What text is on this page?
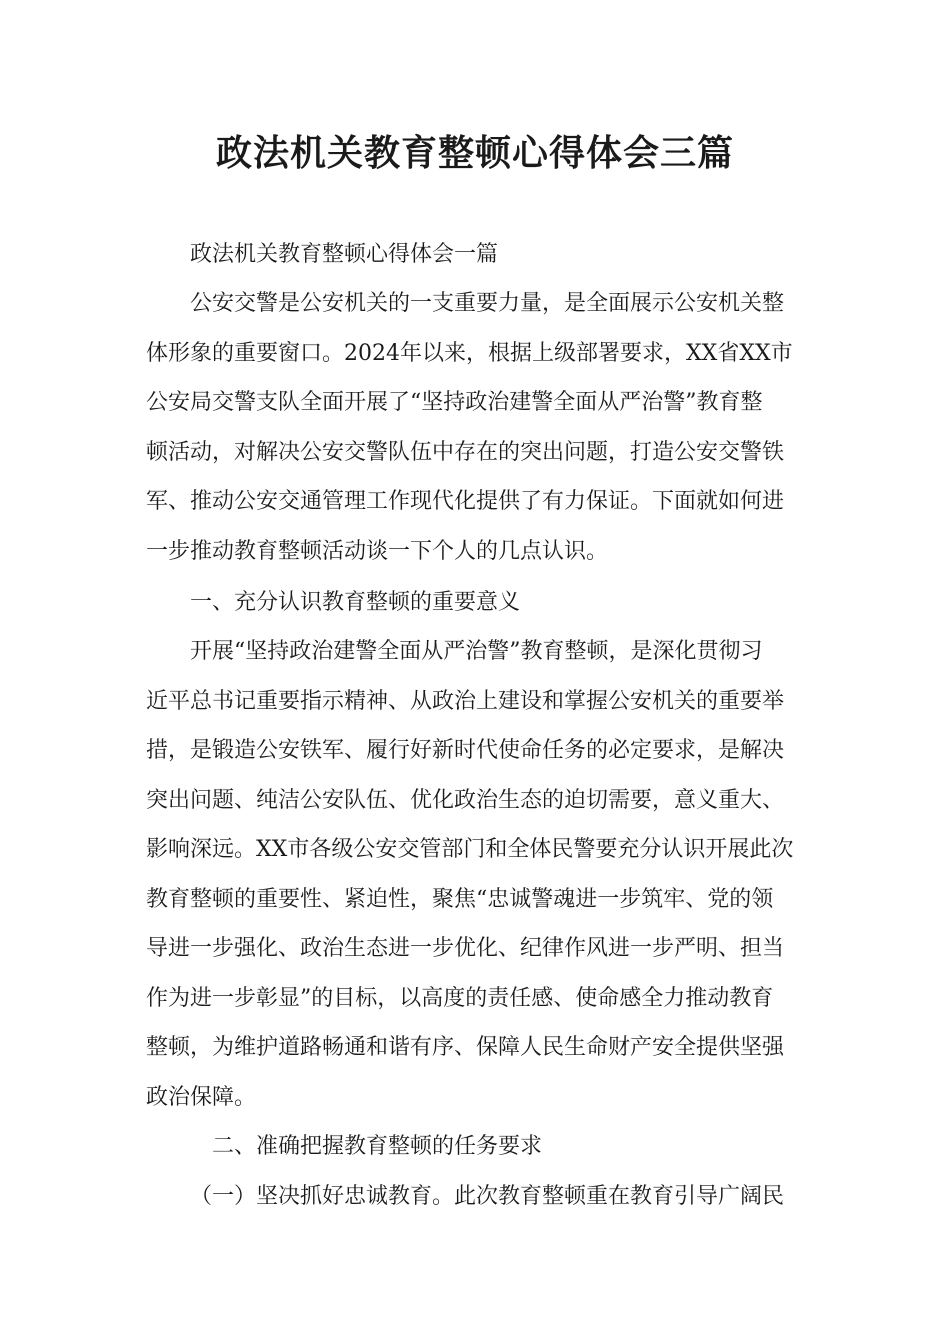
政法机关教育整顿心得体会三篇
政法机关教育整顿心得体会一篇
公安交警是公安机关的一支重要力量，是全面展示公安机关整
体形象的重要窗口。2024年以来，根据上级部署要求，XX省XX市
公安局交警支队全面开展了“坚持政治建警全面从严治警”教育整
顿活动，对解决公安交警队伍中存在的突出问题，打造公安交警铁
军、推动公安交通管理工作现代化提供了有力保证。下面就如何进
一步推动教育整顿活动谈一下个人的几点认识。
一、充分认识教育整顿的重要意义
开展“坚持政治建警全面从严治警”教育整顿，是深化贯彻习
近平总书记重要指示精神、从政治上建设和掌握公安机关的重要举
措，是锻造公安铁军、履行好新时代使命任务的必定要求，是解决
突出问题、纯洁公安队伍、优化政治生态的迫切需要，意义重大、
影响深远。XX市各级公安交管部门和全体民警要充分认识开展此次
教育整顿的重要性、紧迫性，聚焦“忠诚警魂进一步筑牢、党的领
导进一步强化、政治生态进一步优化、纪律作风进一步严明、担当
作为进一步彰显”的目标，以高度的责任感、使命感全力推动教育
整顿，为维护道路畅通和谐有序、保障人民生命财产安全提供坚强
政治保障。
二、准确把握教育整顿的任务要求
（一）坚决抓好忠诚教育。此次教育整顿重在教育引导广阔民
